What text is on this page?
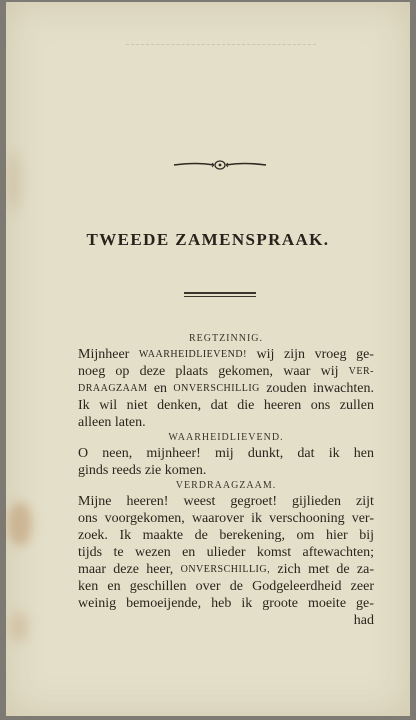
TWEEDE ZAMENSPRAAK.
REGTZINNIG.
Mijnheer WAARHEIDLIEVEND! wij zijn vroeg ge-
noeg op deze plaats gekomen, waar wij VER-
DRAAGZAAM en ONVERSCHILLIG zouden inwachten.
Ik wil niet denken, dat die heeren ons zullen
alleen
laten.

WAARHEIDLIEVEND.
O neen, mijnheer! mij dunkt, dat ik hen
ginds
reeds
zie
komen.

VERDRAAGZAAM.
Mijne heeren! weest gegroet! gijlieden zijt
ons voorgekomen, waarover ik verschooning ver-
zoek. Ik maakte de berekening, om hier bij
tijds te wezen en ulieder komst aftewachten;
maar deze heer, ONVERSCHILLIG, zich met de za-
ken en geschillen over de Godgeleerdheid zeer
weinig bemoeijende, heb ik groote moeite ge-
had
